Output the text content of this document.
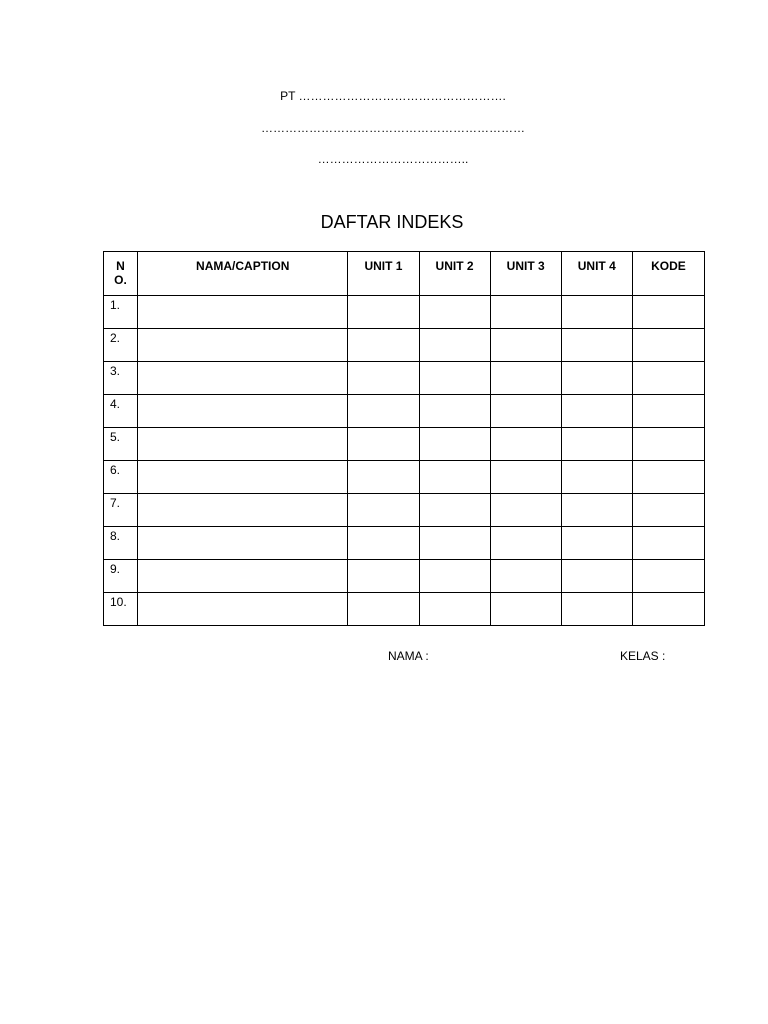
PT …………………………………………….
…………………………………………………………
………………………………..
DAFTAR INDEKS
NO.	NAMA/CAPTION	UNIT 1	UNIT 2	UNIT 3	UNIT 4	KODE
1.						
2.						
3.						
4.						
5.						
6.						
7.						
8.						
9.						
10.						
NAMA :	KELAS :
